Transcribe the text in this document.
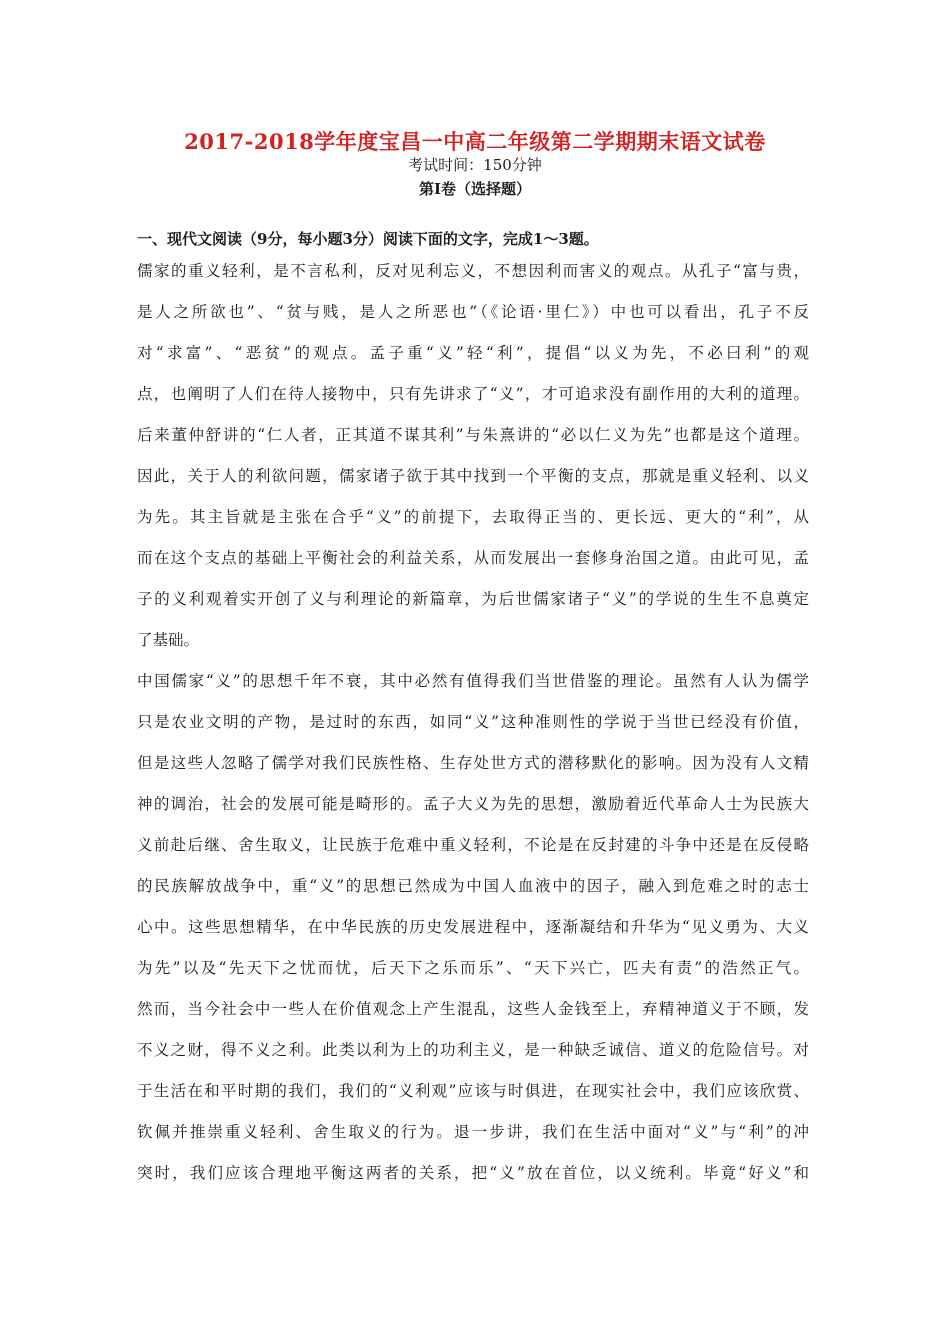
2017-2018学年度宝昌一中高二年级第二学期期末语文试卷
考试时间：150分钟
第Ⅰ卷（选择题）
一、现代文阅读（9分，每小题3分）阅读下面的文字，完成1～3题。
儒家的重义轻利，是不言私利，反对见利忘义，不想因利而害义的观点。从孔子“富与贵，
是人之所欲也”、“贫与贱，是人之所恶也”（《论语·里仁》）中也可以看出，孔子不反
对“求富”、“恶贫”的观点。孟子重“义”轻“利”，提倡“以义为先，不必曰利”的观
点，也阐明了人们在待人接物中，只有先讲求了“义”，才可追求没有副作用的大利的道理。
后来董仲舒讲的“仁人者，正其道不谋其利”与朱熹讲的“必以仁义为先”也都是这个道理。
因此，关于人的利欲问题，儒家诸子欲于其中找到一个平衡的支点，那就是重义轻利、以义
为先。其主旨就是主张在合乎“义”的前提下，去取得正当的、更长远、更大的“利”，从
而在这个支点的基础上平衡社会的利益关系，从而发展出一套修身治国之道。由此可见，孟
子的义利观着实开创了义与利理论的新篇章，为后世儒家诸子“义”的学说的生生不息奠定
了基础。
中国儒家“义”的思想千年不衰，其中必然有值得我们当世借鉴的理论。虽然有人认为儒学
只是农业文明的产物，是过时的东西，如同“义”这种准则性的学说于当世已经没有价值，
但是这些人忽略了儒学对我们民族性格、生存处世方式的潜移默化的影响。因为没有人文精
神的调治，社会的发展可能是畸形的。孟子大义为先的思想，激励着近代革命人士为民族大
义前赴后继、舍生取义，让民族于危难中重义轻利，不论是在反封建的斗争中还是在反侵略
的民族解放战争中，重“义”的思想已然成为中国人血液中的因子，融入到危难之时的志士
心中。这些思想精华，在中华民族的历史发展进程中，逐渐凝结和升华为“见义勇为、大义
为先”以及“先天下之忧而忧，后天下之乐而乐”、“天下兴亡，匹夫有责”的浩然正气。
然而，当今社会中一些人在价值观念上产生混乱，这些人金钱至上，弃精神道义于不顾，发
不义之财，得不义之利。此类以利为上的功利主义，是一种缺乏诚信、道义的危险信号。对
于生活在和平时期的我们，我们的“义利观”应该与时俱进，在现实社会中，我们应该欣赏、
钦佩并推崇重义轻利、舍生取义的行为。退一步讲，我们在生活中面对“义”与“利”的冲
突时，我们应该合理地平衡这两者的关系，把“义”放在首位，以义统利。毕竟“好义”和
